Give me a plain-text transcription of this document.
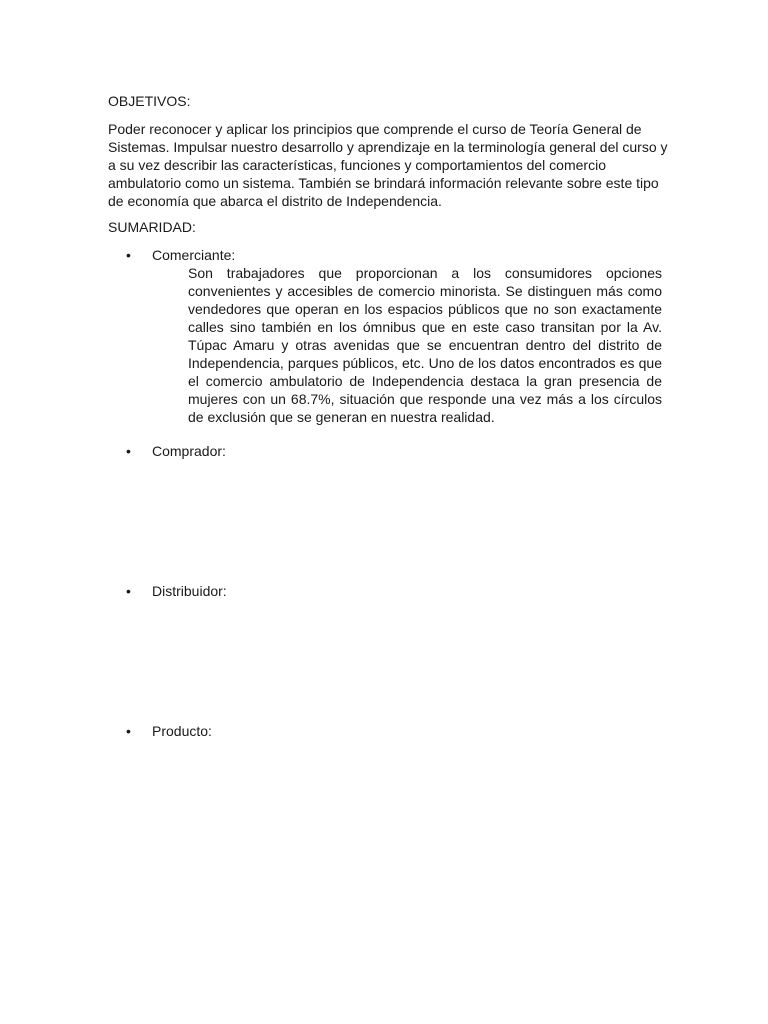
OBJETIVOS:

Poder reconocer y aplicar los principios que comprende el curso de Teoría General de Sistemas. Impulsar nuestro desarrollo y aprendizaje en la terminología general del curso y a su vez describir las características, funciones y comportamientos del comercio ambulatorio como un sistema. También se brindará información relevante sobre este tipo de economía que abarca el distrito de Independencia.

SUMARIDAD:
•	Comerciante:

Son trabajadores que proporcionan a los consumidores opciones convenientes y accesibles de comercio minorista. Se distinguen más como vendedores que operan en los espacios públicos que no son exactamente calles sino también en los ómnibus que en este caso transitan por la Av. Túpac Amaru y otras avenidas que se encuentran dentro del distrito de Independencia, parques públicos, etc. Uno de los datos encontrados es que el comercio ambulatorio de Independencia destaca la gran presencia de mujeres con un 68.7%, situación que responde una vez más a los círculos de exclusión que se generan en nuestra realidad.

•	Comprador:
•	Distribuidor:
•	Producto:
